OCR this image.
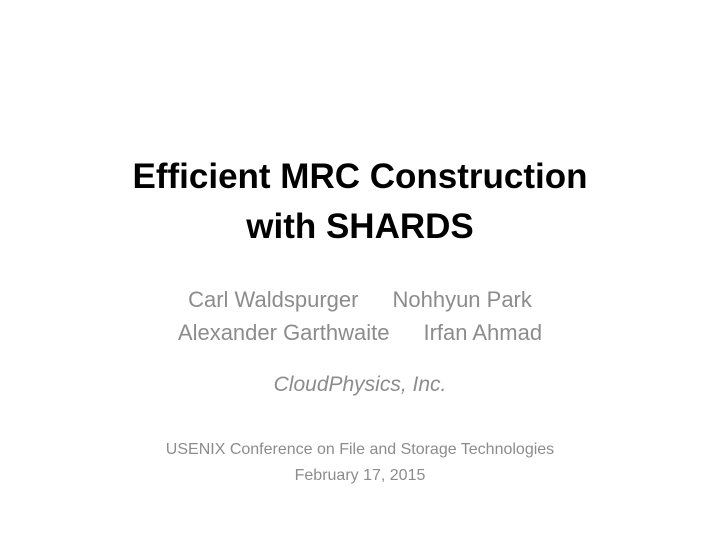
Efficient MRC Construction
with SHARDS
Carl Waldspurger Nohhyun Park
Alexander Garthwaite Irfan Ahmad
CloudPhysics, Inc.
USENIX Conference on File and Storage Technologies
February 17, 2015
